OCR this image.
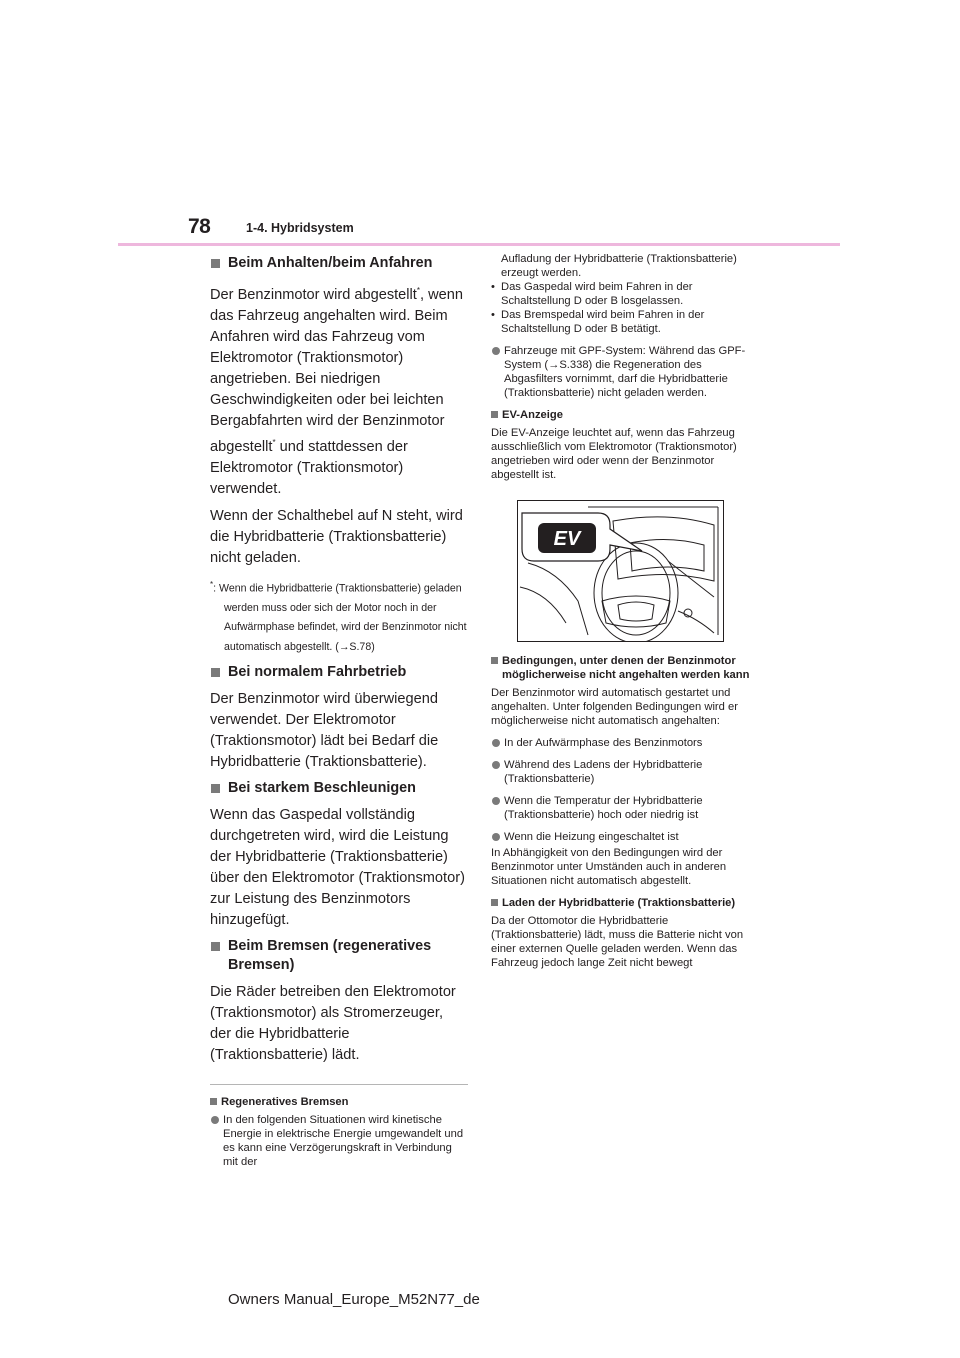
78	1-4. Hybridsystem
Beim Anhalten/beim Anfahren
Der Benzinmotor wird abgestellt*, wenn das Fahrzeug angehalten wird. Beim Anfahren wird das Fahrzeug vom Elektromotor (Traktionsmotor) angetrieben. Bei niedrigen Geschwindigkeiten oder bei leichten Bergabfahrten wird der Benzinmotor abgestellt* und stattdessen der Elektromotor (Traktionsmotor) verwendet.
Wenn der Schalthebel auf N steht, wird die Hybridbatterie (Traktionsbatterie) nicht geladen.
*: Wenn die Hybridbatterie (Traktionsbatterie) geladen werden muss oder sich der Motor noch in der Aufwärmphase befindet, wird der Benzinmotor nicht automatisch abgestellt. (→S.78)
Bei normalem Fahrbetrieb
Der Benzinmotor wird überwiegend verwendet. Der Elektromotor (Traktionsmotor) lädt bei Bedarf die Hybridbatterie (Traktionsbatterie).
Bei starkem Beschleunigen
Wenn das Gaspedal vollständig durchgetreten wird, wird die Leistung der Hybridbatterie (Traktionsbatterie) über den Elektromotor (Traktionsmotor) zur Leistung des Benzinmotors hinzugefügt.
Beim Bremsen (regeneratives Bremsen)
Die Räder betreiben den Elektromotor (Traktionsmotor) als Stromerzeuger, der die Hybridbatterie (Traktionsbatterie) lädt.
Regeneratives Bremsen
In den folgenden Situationen wird kinetische Energie in elektrische Energie umgewandelt und es kann eine Verzögerungskraft in Verbindung mit der
Aufladung der Hybridbatterie (Traktionsbatterie) erzeugt werden.
• Das Gaspedal wird beim Fahren in der Schaltstellung D oder B losgelassen.
• Das Bremspedal wird beim Fahren in der Schaltstellung D oder B betätigt.
Fahrzeuge mit GPF-System: Während das GPF-System (→S.338) die Regeneration des Abgasfilters vornimmt, darf die Hybridbatterie (Traktionsbatterie) nicht geladen werden.
EV-Anzeige
Die EV-Anzeige leuchtet auf, wenn das Fahrzeug ausschließlich vom Elektromotor (Traktionsmotor) angetrieben wird oder wenn der Benzinmotor abgestellt ist.
EV
Bedingungen, unter denen der Benzinmotor möglicherweise nicht angehalten werden kann
Der Benzinmotor wird automatisch gestartet und angehalten. Unter folgenden Bedingungen wird er möglicherweise nicht automatisch angehalten:
In der Aufwärmphase des Benzinmotors
Während des Ladens der Hybridbatterie (Traktionsbatterie)
Wenn die Temperatur der Hybridbatterie (Traktionsbatterie) hoch oder niedrig ist
Wenn die Heizung eingeschaltet ist
In Abhängigkeit von den Bedingungen wird der Benzinmotor unter Umständen auch in anderen Situationen nicht automatisch abgestellt.
Laden der Hybridbatterie (Traktionsbatterie)
Da der Ottomotor die Hybridbatterie (Traktionsbatterie) lädt, muss die Batterie nicht von einer externen Quelle geladen werden. Wenn das Fahrzeug jedoch lange Zeit nicht bewegt
Owners Manual_Europe_M52N77_de
